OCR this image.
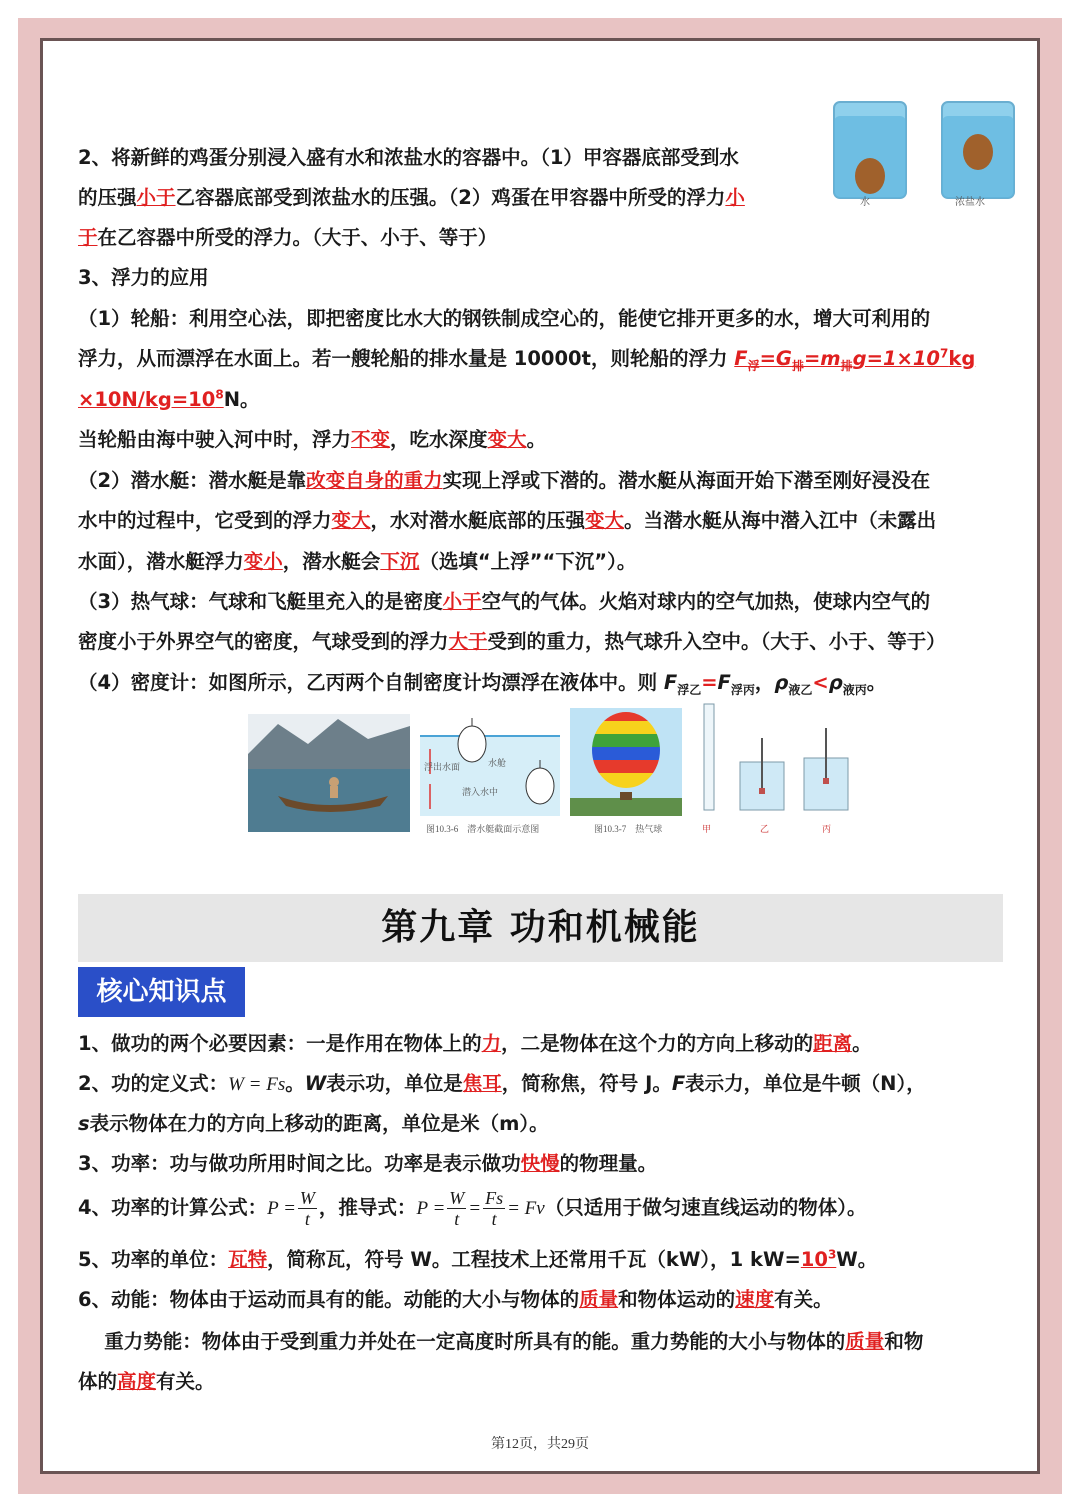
水	浓盐水
2、将新鲜的鸡蛋分别浸入盛有水和浓盐水的容器中。（1）甲容器底部受到水
的压强小于乙容器底部受到浓盐水的压强。（2）鸡蛋在甲容器中所受的浮力小
于在乙容器中所受的浮力。（大于、小于、等于）
3、浮力的应用
（1）轮船：利用空心法，即把密度比水大的钢铁制成空心的，能使它排开更多的水，增大可利用的
浮力，从而漂浮在水面上。若一艘轮船的排水量是 10000t，则轮船的浮力 $F_浮=G_排=m_排g=1\times 10^7kg$
$\times 10N/kg=10^8N$。
当轮船由海中驶入河中时，浮力不变，吃水深度变大。
（2）潜水艇：潜水艇是靠改变自身的重力实现上浮或下潜的。潜水艇从海面开始下潜至刚好浸没在
水中的过程中，它受到的浮力变大，水对潜水艇底部的压强变大。当潜水艇从海中潜入江中（未露出
水面），潜水艇浮力变小，潜水艇会下沉（选填“上浮”“下沉”）。
（3）热气球：气球和飞艇里充入的是密度小于空气的气体。火焰对球内的空气加热，使球内空气的
密度小于外界空气的密度，气球受到的浮力大于受到的重力，热气球升入空中。（大于、小于、等于）
（4）密度计：如图所示，乙丙两个自制密度计均漂浮在液体中。则 $F_{浮乙}=F_{浮丙}$，$\rho_{液乙}<\rho_{液丙}$。
浮出水面	水舱
潜入水中
图10.3-6　潜水艇截面示意图	图10.3-7　热气球	甲	乙	丙
第九章 功和机械能
核心知识点
1、做功的两个必要因素：一是作用在物体上的力，二是物体在这个力的方向上移动的距离。
2、功的定义式：W = Fs。W表示功，单位是焦耳，简称焦，符号 J。F表示力，单位是牛顿（N），
s表示物体在力的方向上移动的距离，单位是米（m）。
3、功率：功与做功所用时间之比。功率是表示做功快慢的物理量。
4、功率的计算公式：$P = \frac{W}{t}$ ，推导式：$P = \frac{W}{t} = \frac{Fs}{t} = Fv$（只适用于做匀速直线运动的物体）。
5、功率的单位：瓦特，简称瓦，符号 W。工程技术上还常用千瓦（kW），1 $kW=10^3W$。
6、动能：物体由于运动而具有的能。动能的大小与物体的质量和物体运动的速度有关。
　 重力势能：物体由于受到重力并处在一定高度时所具有的能。重力势能的大小与物体的质量和物
体的高度有关。
第12页，共29页
